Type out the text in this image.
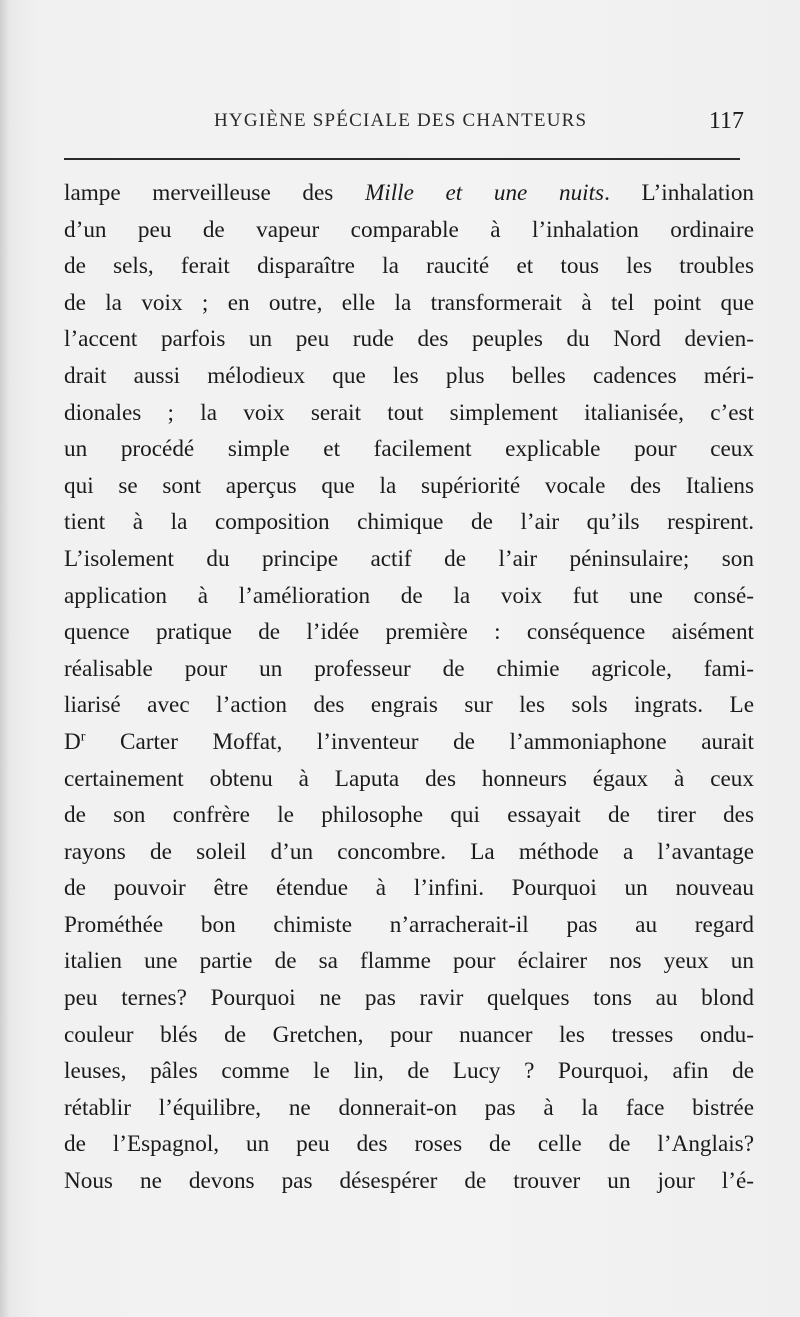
HYGIÈNE SPÉCIALE DES CHANTEURS	117
lampe merveilleuse des Mille et une nuits. L’inhalation
d’un peu de vapeur comparable à l’inhalation ordinaire
de sels, ferait disparaître la raucité et tous les troubles
de la voix ; en outre, elle la transformerait à tel point que
l’accent parfois un peu rude des peuples du Nord devien-
drait aussi mélodieux que les plus belles cadences méri-
dionales ; la voix serait tout simplement italianisée, c’est
un procédé simple et facilement explicable pour ceux
qui se sont aperçus que la supériorité vocale des Italiens
tient à la composition chimique de l’air qu’ils respirent.
L’isolement du principe actif de l’air péninsulaire; son
application à l’amélioration de la voix fut une consé-
quence pratique de l’idée première : conséquence aisément
réalisable pour un professeur de chimie agricole, fami-
liarisé avec l’action des engrais sur les sols ingrats. Le
$D^r$ Carter Moffat, l’inventeur de l’ammoniaphone aurait
certainement obtenu à Laputa des honneurs égaux à ceux
de son confrère le philosophe qui essayait de tirer des
rayons de soleil d’un concombre. La méthode a l’avantage
de pouvoir être étendue à l’infini. Pourquoi un nouveau
Prométhée bon chimiste n’arracherait-il pas au regard
italien une partie de sa flamme pour éclairer nos yeux un
peu ternes? Pourquoi ne pas ravir quelques tons au blond
couleur blés de Gretchen, pour nuancer les tresses ondu-
leuses, pâles comme le lin, de Lucy ? Pourquoi, afin de
rétablir l’équilibre, ne donnerait-on pas à la face bistrée
de l’Espagnol, un peu des roses de celle de l’Anglais?
Nous ne devons pas désespérer de trouver un jour l’é-
